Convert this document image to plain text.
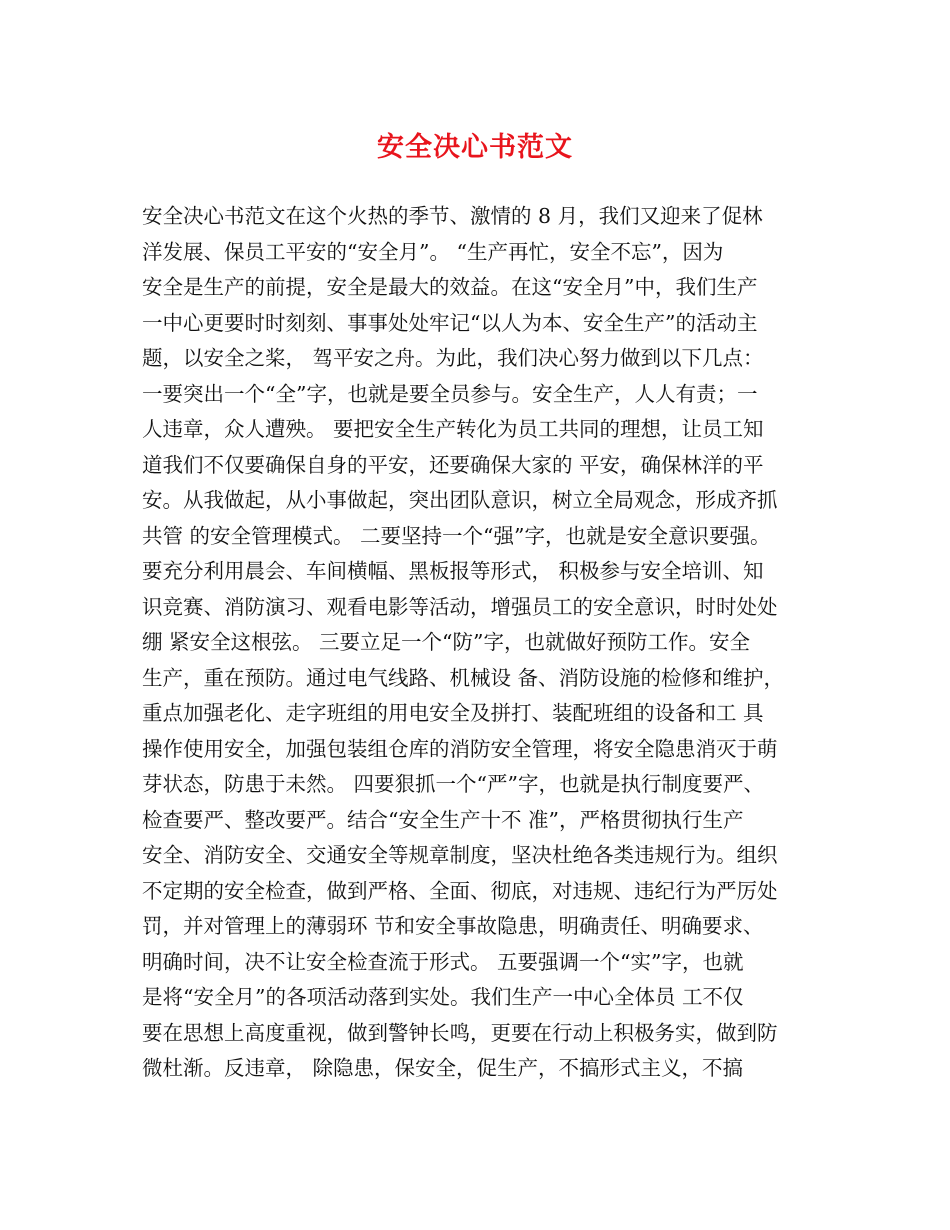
安全决心书范文
安全决心书范文在这个火热的季节、激情的 8 月，我们又迎来了促林
洋发展、保员工平安的“安全月”。 “生产再忙，安全不忘”，因为
安全是生产的前提，安全是最大的效益。在这“安全月”中，我们生产
一中心更要时时刻刻、事事处处牢记“以人为本、安全生产”的活动主
题，以安全之桨， 驾平安之舟。为此，我们决心努力做到以下几点：
一要突出一个“全”字，也就是要全员参与。安全生产，人人有责；一
人违章，众人遭殃。 要把安全生产转化为员工共同的理想，让员工知
道我们不仅要确保自身的平安，还要确保大家的 平安，确保林洋的平
安。从我做起，从小事做起，突出团队意识，树立全局观念，形成齐抓
共管 的安全管理模式。 二要坚持一个“强”字，也就是安全意识要强。
要充分利用晨会、车间横幅、黑板报等形式， 积极参与安全培训、知
识竞赛、消防演习、观看电影等活动，增强员工的安全意识，时时处处
绷 紧安全这根弦。 三要立足一个“防”字，也就做好预防工作。安全
生产，重在预防。通过电气线路、机械设 备、消防设施的检修和维护，
重点加强老化、走字班组的用电安全及拼打、装配班组的设备和工 具
操作使用安全，加强包装组仓库的消防安全管理，将安全隐患消灭于萌
芽状态，防患于未然。 四要狠抓一个“严”字，也就是执行制度要严、
检查要严、整改要严。结合“安全生产十不 准”，严格贯彻执行生产
安全、消防安全、交通安全等规章制度，坚决杜绝各类违规行为。组织
不定期的安全检查，做到严格、全面、彻底，对违规、违纪行为严厉处
罚，并对管理上的薄弱环 节和安全事故隐患，明确责任、明确要求、
明确时间，决不让安全检查流于形式。 五要强调一个“实”字，也就
是将“安全月”的各项活动落到实处。我们生产一中心全体员 工不仅
要在思想上高度重视，做到警钟长鸣，更要在行动上积极务实，做到防
微杜渐。反违章， 除隐患，保安全，促生产，不搞形式主义，不搞
